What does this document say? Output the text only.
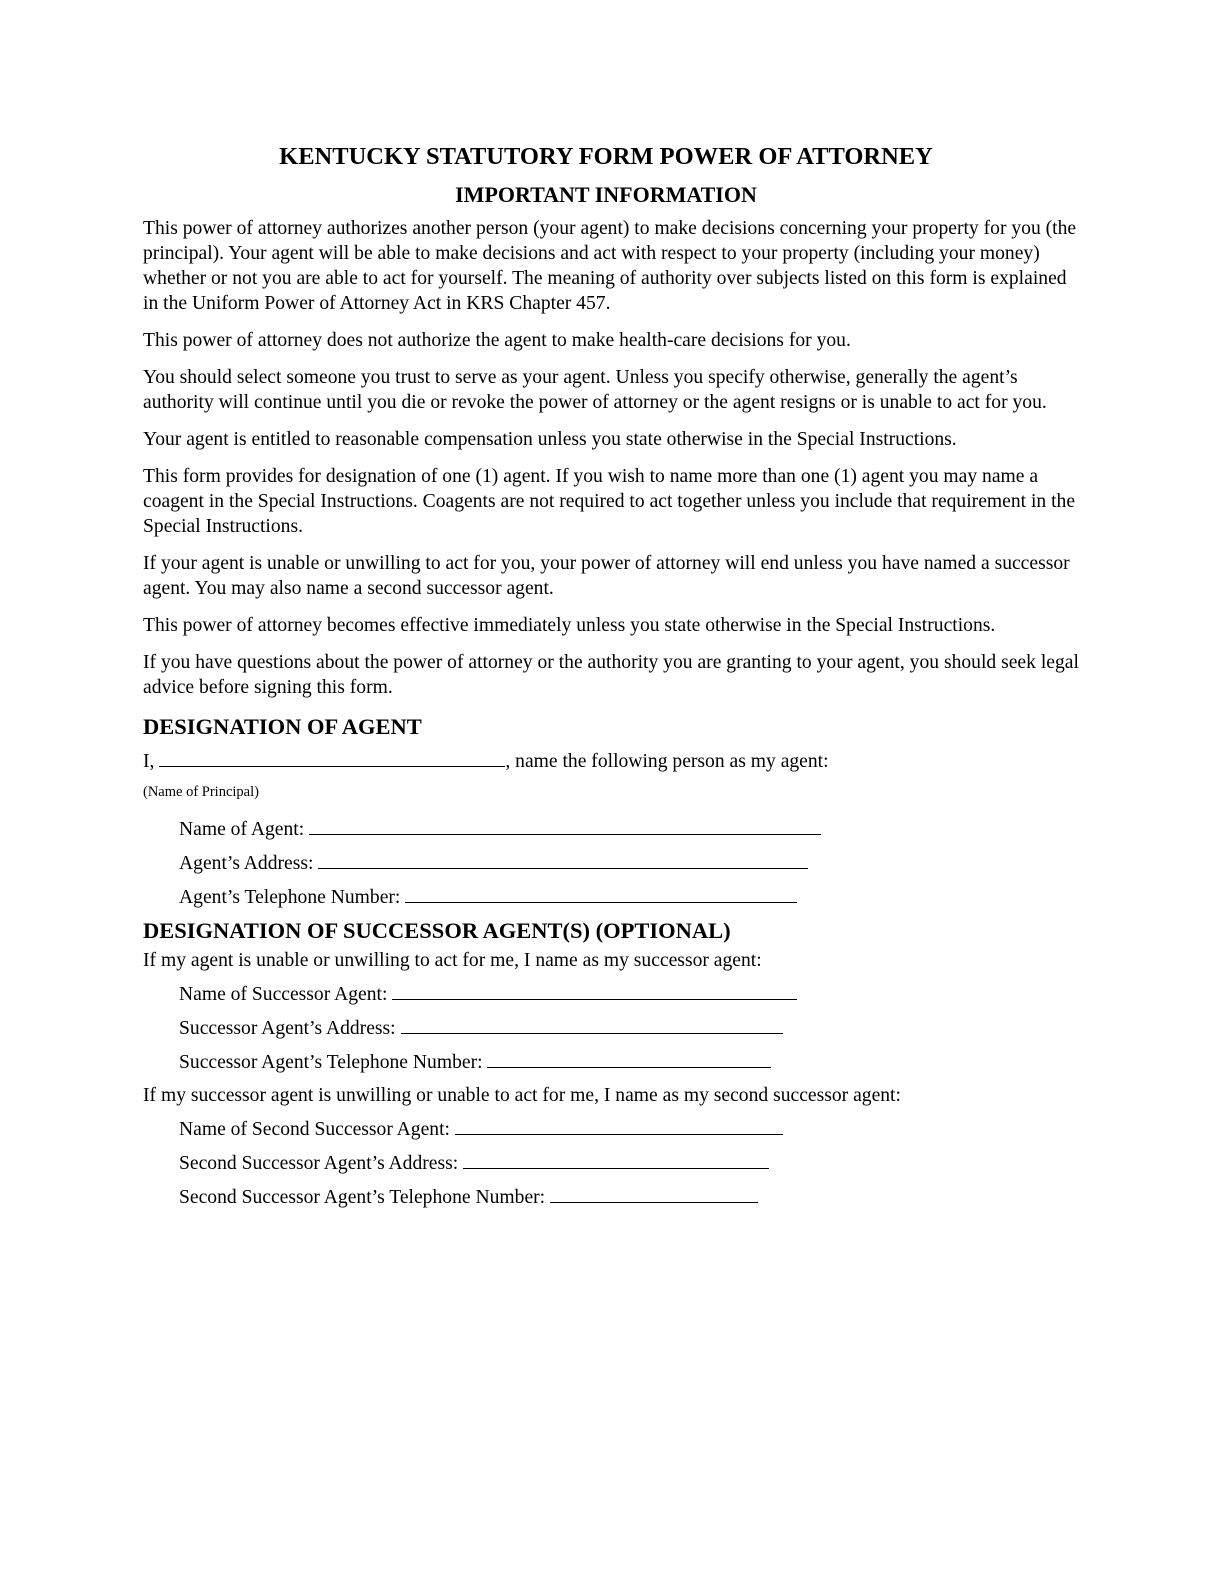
KENTUCKY STATUTORY FORM POWER OF ATTORNEY
IMPORTANT INFORMATION

This power of attorney authorizes another person (your agent) to make decisions concerning your property for you (the principal). Your agent will be able to make decisions and act with respect to your property (including your money) whether or not you are able to act for yourself. The meaning of authority over subjects listed on this form is explained in the Uniform Power of Attorney Act in KRS Chapter 457.

This power of attorney does not authorize the agent to make health-care decisions for you.

You should select someone you trust to serve as your agent. Unless you specify otherwise, generally the agent’s authority will continue until you die or revoke the power of attorney or the agent resigns or is unable to act for you.

Your agent is entitled to reasonable compensation unless you state otherwise in the Special Instructions.

This form provides for designation of one (1) agent. If you wish to name more than one (1) agent you may name a coagent in the Special Instructions. Coagents are not required to act together unless you include that requirement in the Special Instructions.

If your agent is unable or unwilling to act for you, your power of attorney will end unless you have named a successor agent. You may also name a second successor agent.

This power of attorney becomes effective immediately unless you state otherwise in the Special Instructions.

If you have questions about the power of attorney or the authority you are granting to your agent, you should seek legal advice before signing this form.

DESIGNATION OF AGENT
I,	, name the following person as my agent:
(Name of Principal)
Name of Agent:
Agent’s Address:
Agent’s Telephone Number:
DESIGNATION OF SUCCESSOR AGENT(S) (OPTIONAL)
If my agent is unable or unwilling to act for me, I name as my successor agent:
Name of Successor Agent:
Successor Agent’s Address:
Successor Agent’s Telephone Number:
If my successor agent is unwilling or unable to act for me, I name as my second successor agent:
Name of Second Successor Agent:
Second Successor Agent’s Address:
Second Successor Agent’s Telephone Number:
